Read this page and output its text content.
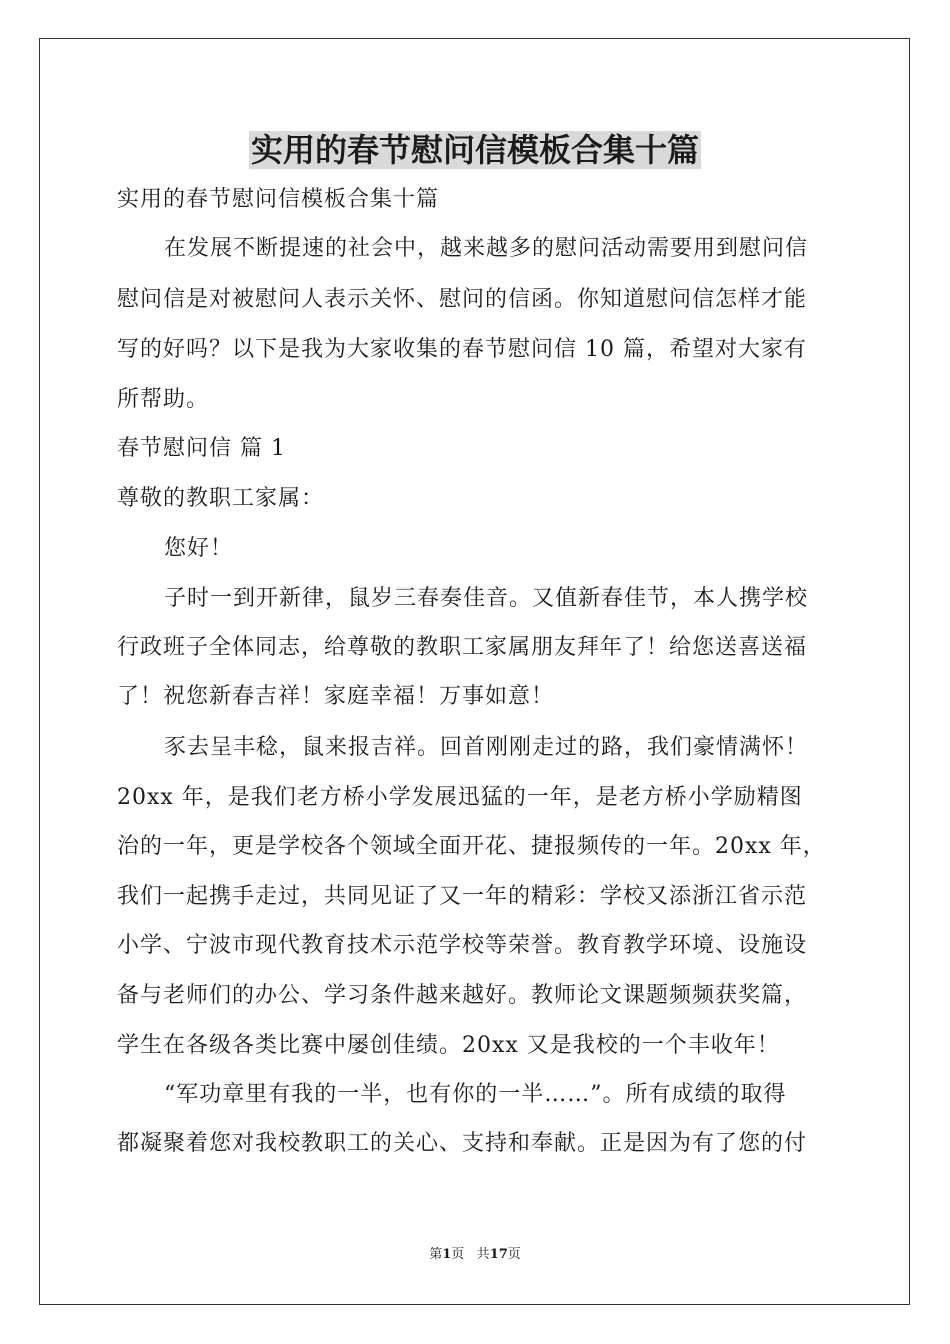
实用的春节慰问信模板合集十篇
实用的春节慰问信模板合集十篇
在发展不断提速的社会中，越来越多的慰问活动需要用到慰问信
慰问信是对被慰问人表示关怀、慰问的信函。你知道慰问信怎样才能
写的好吗？以下是我为大家收集的春节慰问信 10 篇，希望对大家有
所帮助。
春节慰问信 篇 1
尊敬的教职工家属：
您好！
子时一到开新律，鼠岁三春奏佳音。又值新春佳节，本人携学校
行政班子全体同志，给尊敬的教职工家属朋友拜年了！给您送喜送福
了！祝您新春吉祥！家庭幸福！万事如意！
豕去呈丰稔，鼠来报吉祥。回首刚刚走过的路，我们豪情满怀！
20xx 年，是我们老方桥小学发展迅猛的一年，是老方桥小学励精图
治的一年，更是学校各个领域全面开花、捷报频传的一年。20xx 年，
我们一起携手走过，共同见证了又一年的精彩：学校又添浙江省示范
小学、宁波市现代教育技术示范学校等荣誉。教育教学环境、设施设
备与老师们的办公、学习条件越来越好。教师论文课题频频获奖篇，
学生在各级各类比赛中屡创佳绩。20xx 又是我校的一个丰收年！
“军功章里有我的一半，也有你的一半……”。所有成绩的取得
都凝聚着您对我校教职工的关心、支持和奉献。正是因为有了您的付
第1页 共17页
